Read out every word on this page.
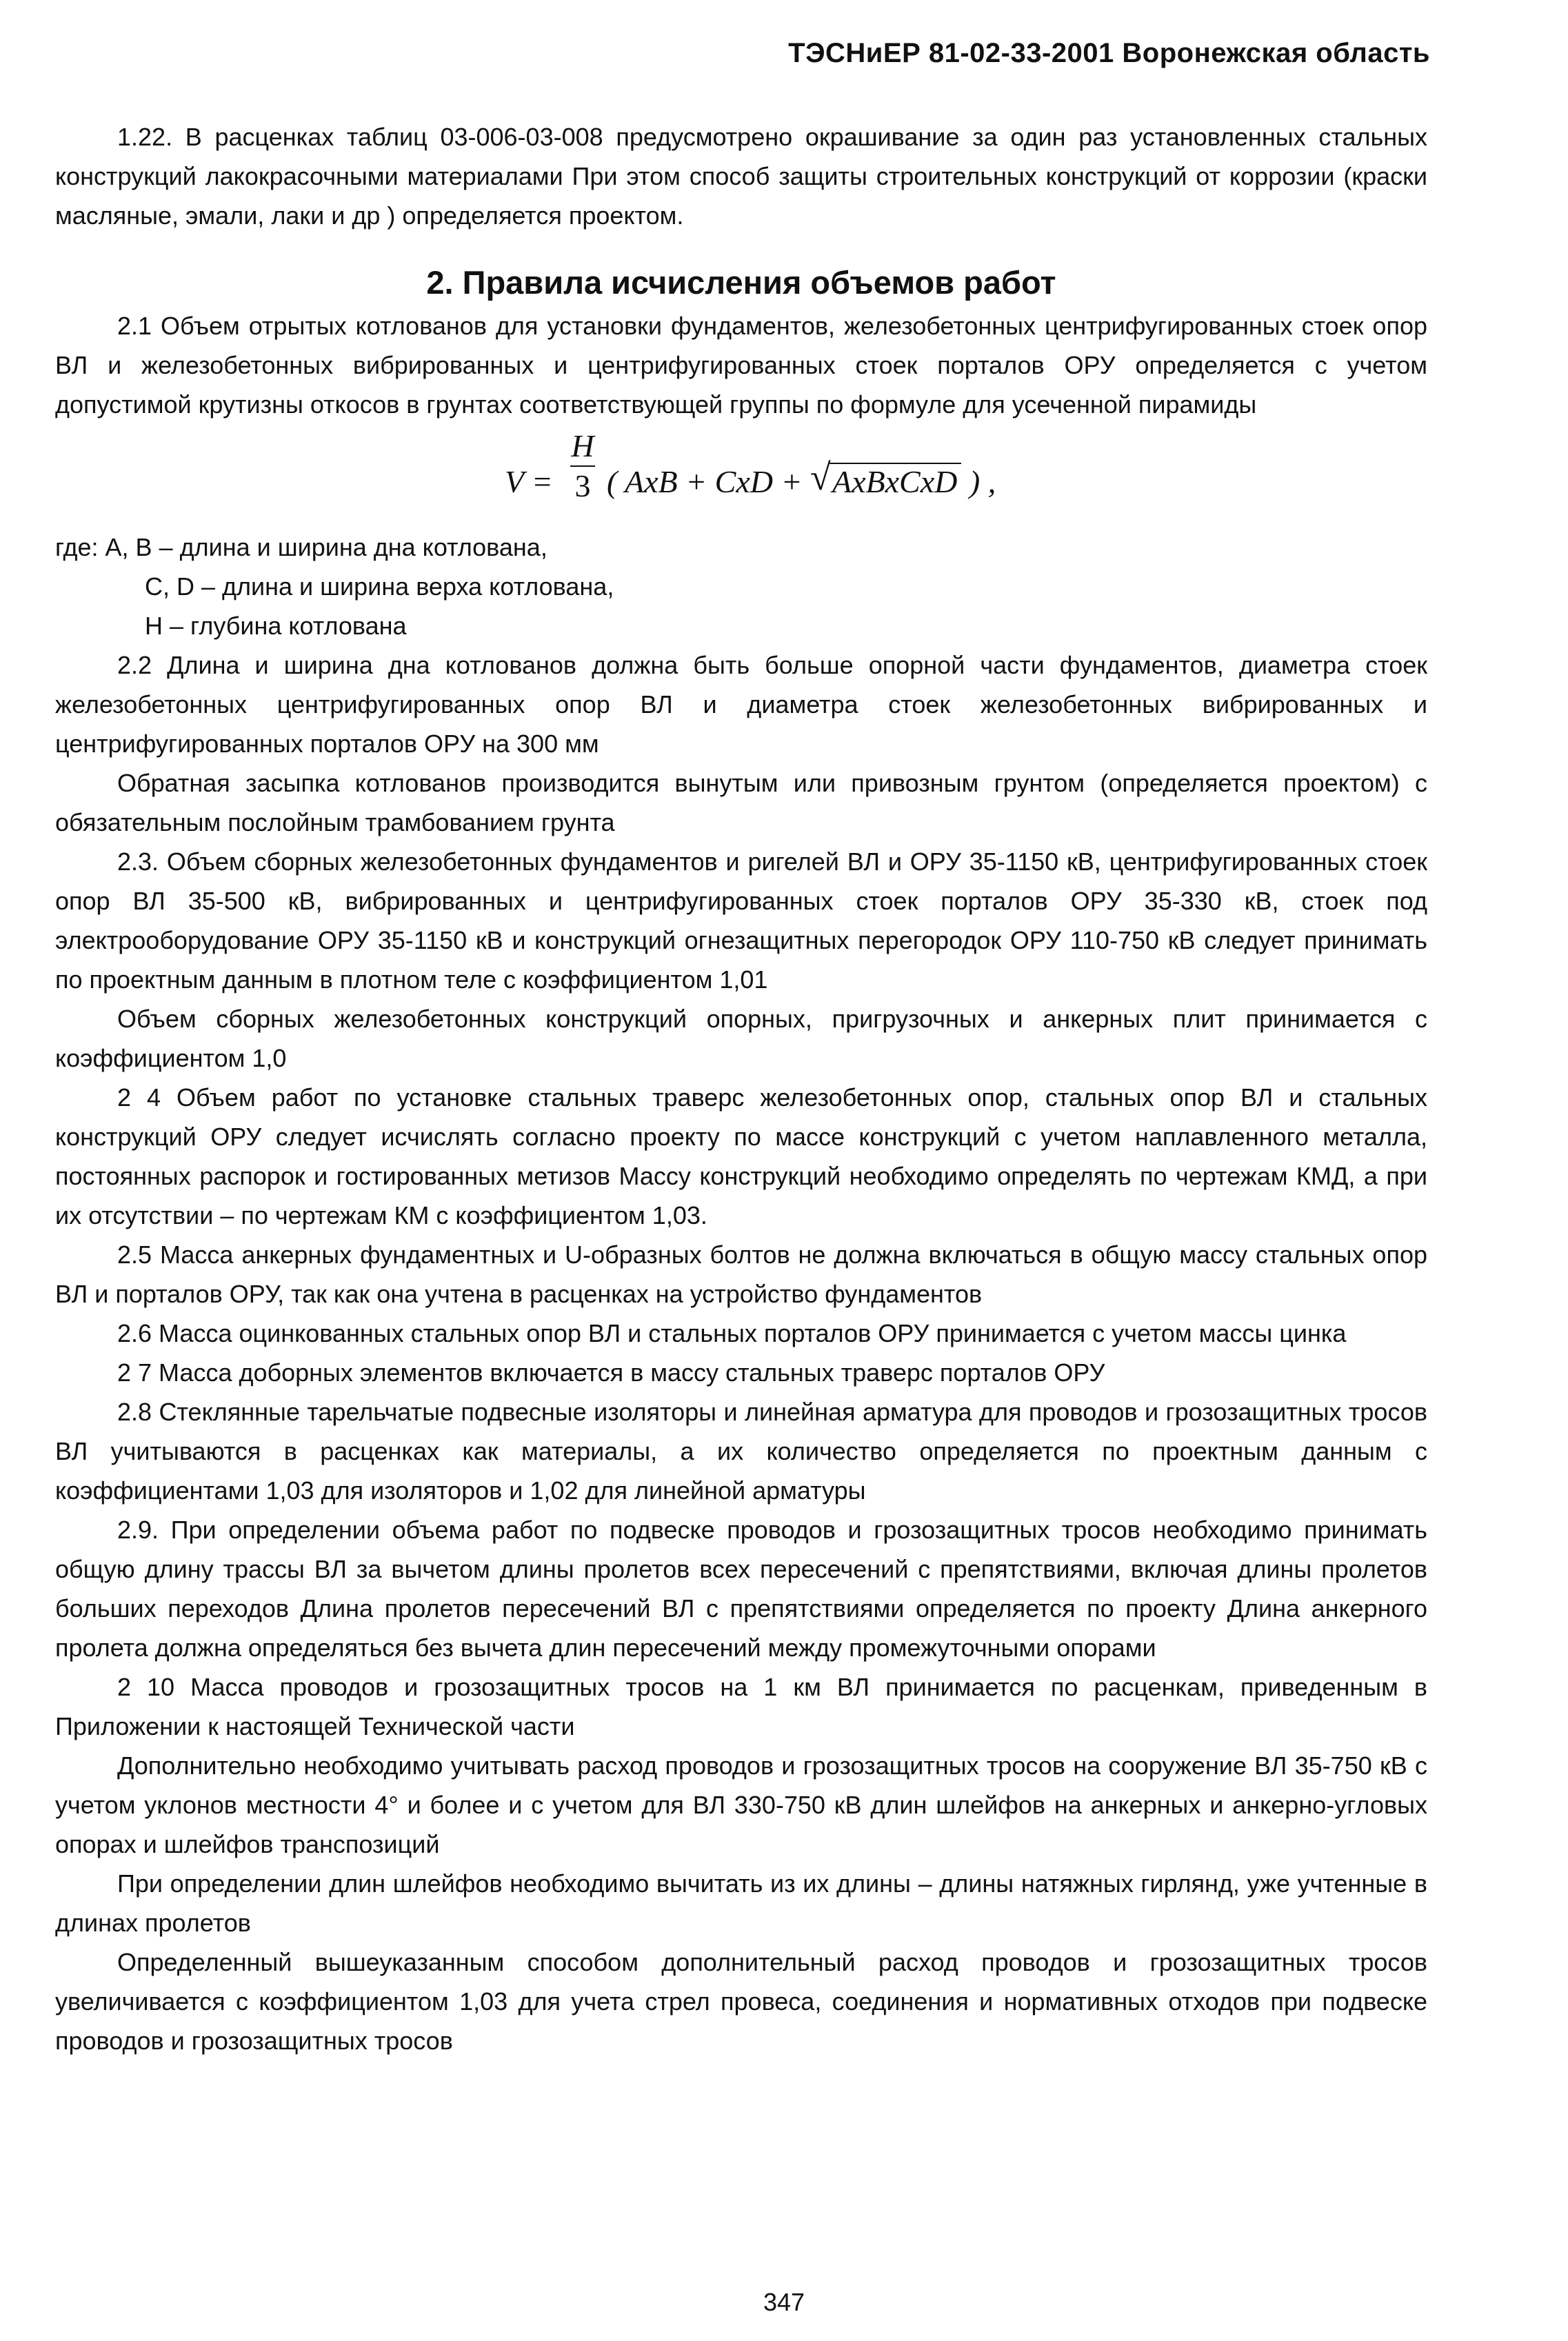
ТЭСНиЕР 81-02-33-2001 Воронежская область

1.22. В расценках таблиц 03-006-03-008 предусмотрено окрашивание за один раз установленных стальных конструкций лакокрасочными материалами При этом способ защиты строительных конструкций от коррозии (краски масляные, эмали, лаки и др ) определяется проектом.

2. Правила исчисления объемов работ

2.1 Объем отрытых котлованов для установки фундаментов, железобетонных центрифугированных стоек опор ВЛ и железобетонных вибрированных и центрифугированных стоек порталов ОРУ определяется с учетом допустимой крутизны откосов в грунтах соответствующей группы по формуле для усеченной пирамиды

V =
H
3 ( AxB + CxD + √ AxBxCxD ) ,

где: А, В – длина и ширина дна котлована,

С, D – длина и ширина верха котлована,

Н – глубина котлована

2.2 Длина и ширина дна котлованов должна быть больше опорной части фундаментов, диаметра стоек железобетонных центрифугированных опор ВЛ и диаметра стоек железобетонных вибрированных и центрифугированных порталов ОРУ на 300 мм

Обратная засыпка котлованов производится вынутым или привозным грунтом (определяется проектом) с обязательным послойным трамбованием грунта

2.3. Объем сборных железобетонных фундаментов и ригелей ВЛ и ОРУ 35-1150 кВ, центрифугированных стоек опор ВЛ 35-500 кВ, вибрированных и центрифугированных стоек порталов ОРУ 35-330 кВ, стоек под электрооборудование ОРУ 35-1150 кВ и конструкций огнезащитных перегородок ОРУ 110-750 кВ следует принимать по проектным данным в плотном теле с коэффициентом 1,01

Объем сборных железобетонных конструкций опорных, пригрузочных и анкерных плит принимается с коэффициентом 1,0

2 4 Объем работ по установке стальных траверс железобетонных опор, стальных опор ВЛ и стальных конструкций ОРУ следует исчислять согласно проекту по массе конструкций с учетом наплавленного металла, постоянных распорок и гостированных метизов Массу конструкций необходимо определять по чертежам КМД, а при их отсутствии – по чертежам КМ с коэффициентом 1,03.

2.5 Масса анкерных фундаментных и U-образных болтов не должна включаться в общую массу стальных опор ВЛ и порталов ОРУ, так как она учтена в расценках на устройство фундаментов

2.6 Масса оцинкованных стальных опор ВЛ и стальных порталов ОРУ принимается с учетом массы цинка

2 7 Масса доборных элементов включается в массу стальных траверс порталов ОРУ

2.8 Стеклянные тарельчатые подвесные изоляторы и линейная арматура для проводов и грозозащитных тросов ВЛ учитываются в расценках как материалы, а их количество определяется по проектным данным с коэффициентами 1,03 для изоляторов и 1,02 для линейной арматуры

2.9. При определении объема работ по подвеске проводов и грозозащитных тросов необходимо принимать общую длину трассы ВЛ за вычетом длины пролетов всех пересечений с препятствиями, включая длины пролетов больших переходов Длина пролетов пересечений ВЛ с препятствиями определяется по проекту Длина анкерного пролета должна определяться без вычета длин пересечений между промежуточными опорами

2 10 Масса проводов и грозозащитных тросов на 1 км ВЛ принимается по расценкам, приведенным в Приложении к настоящей Технической части

Дополнительно необходимо учитывать расход проводов и грозозащитных тросов на сооружение ВЛ 35-750 кВ с учетом уклонов местности 4° и более и с учетом для ВЛ 330-750 кВ длин шлейфов на анкерных и анкерно-угловых опорах и шлейфов транспозиций

При определении длин шлейфов необходимо вычитать из их длины – длины натяжных гирлянд, уже учтенные в длинах пролетов

Определенный вышеуказанным способом дополнительный расход проводов и грозозащитных тросов увеличивается с коэффициентом 1,03 для учета стрел провеса, соединения и нормативных отходов при подвеске проводов и грозозащитных тросов

347
